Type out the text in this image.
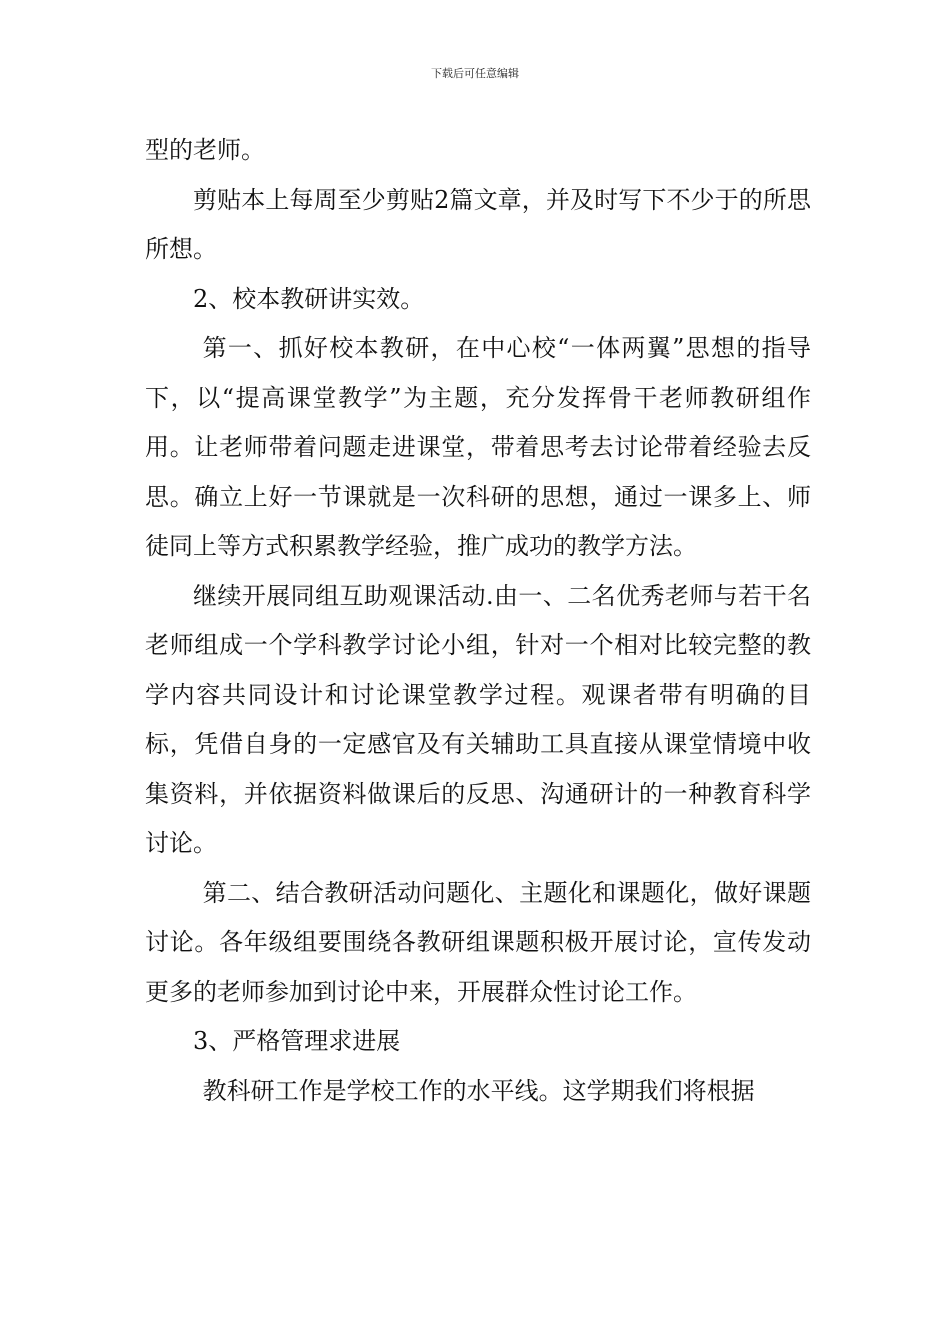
下载后可任意编辑

型的老师。

剪贴本上每周至少剪贴2篇文章，并及时写下不少于的所思所想。

2、校本教研讲实效。

第一、抓好校本教研，在中心校“一体两翼”思想的指导下，以“提高课堂教学”为主题，充分发挥骨干老师教研组作用。让老师带着问题走进课堂，带着思考去讨论带着经验去反思。确立上好一节课就是一次科研的思想，通过一课多上、师徒同上等方式积累教学经验，推广成功的教学方法。

继续开展同组互助观课活动.由一、二名优秀老师与若干名老师组成一个学科教学讨论小组，针对一个相对比较完整的教学内容共同设计和讨论课堂教学过程。观课者带有明确的目标，凭借自身的一定感官及有关辅助工具直接从课堂情境中收集资料，并依据资料做课后的反思、沟通研计的一种教育科学讨论。

第二、结合教研活动问题化、主题化和课题化，做好课题讨论。各年级组要围绕各教研组课题积极开展讨论，宣传发动更多的老师参加到讨论中来，开展群众性讨论工作。

3、严格管理求进展

教科研工作是学校工作的水平线。这学期我们将根据
